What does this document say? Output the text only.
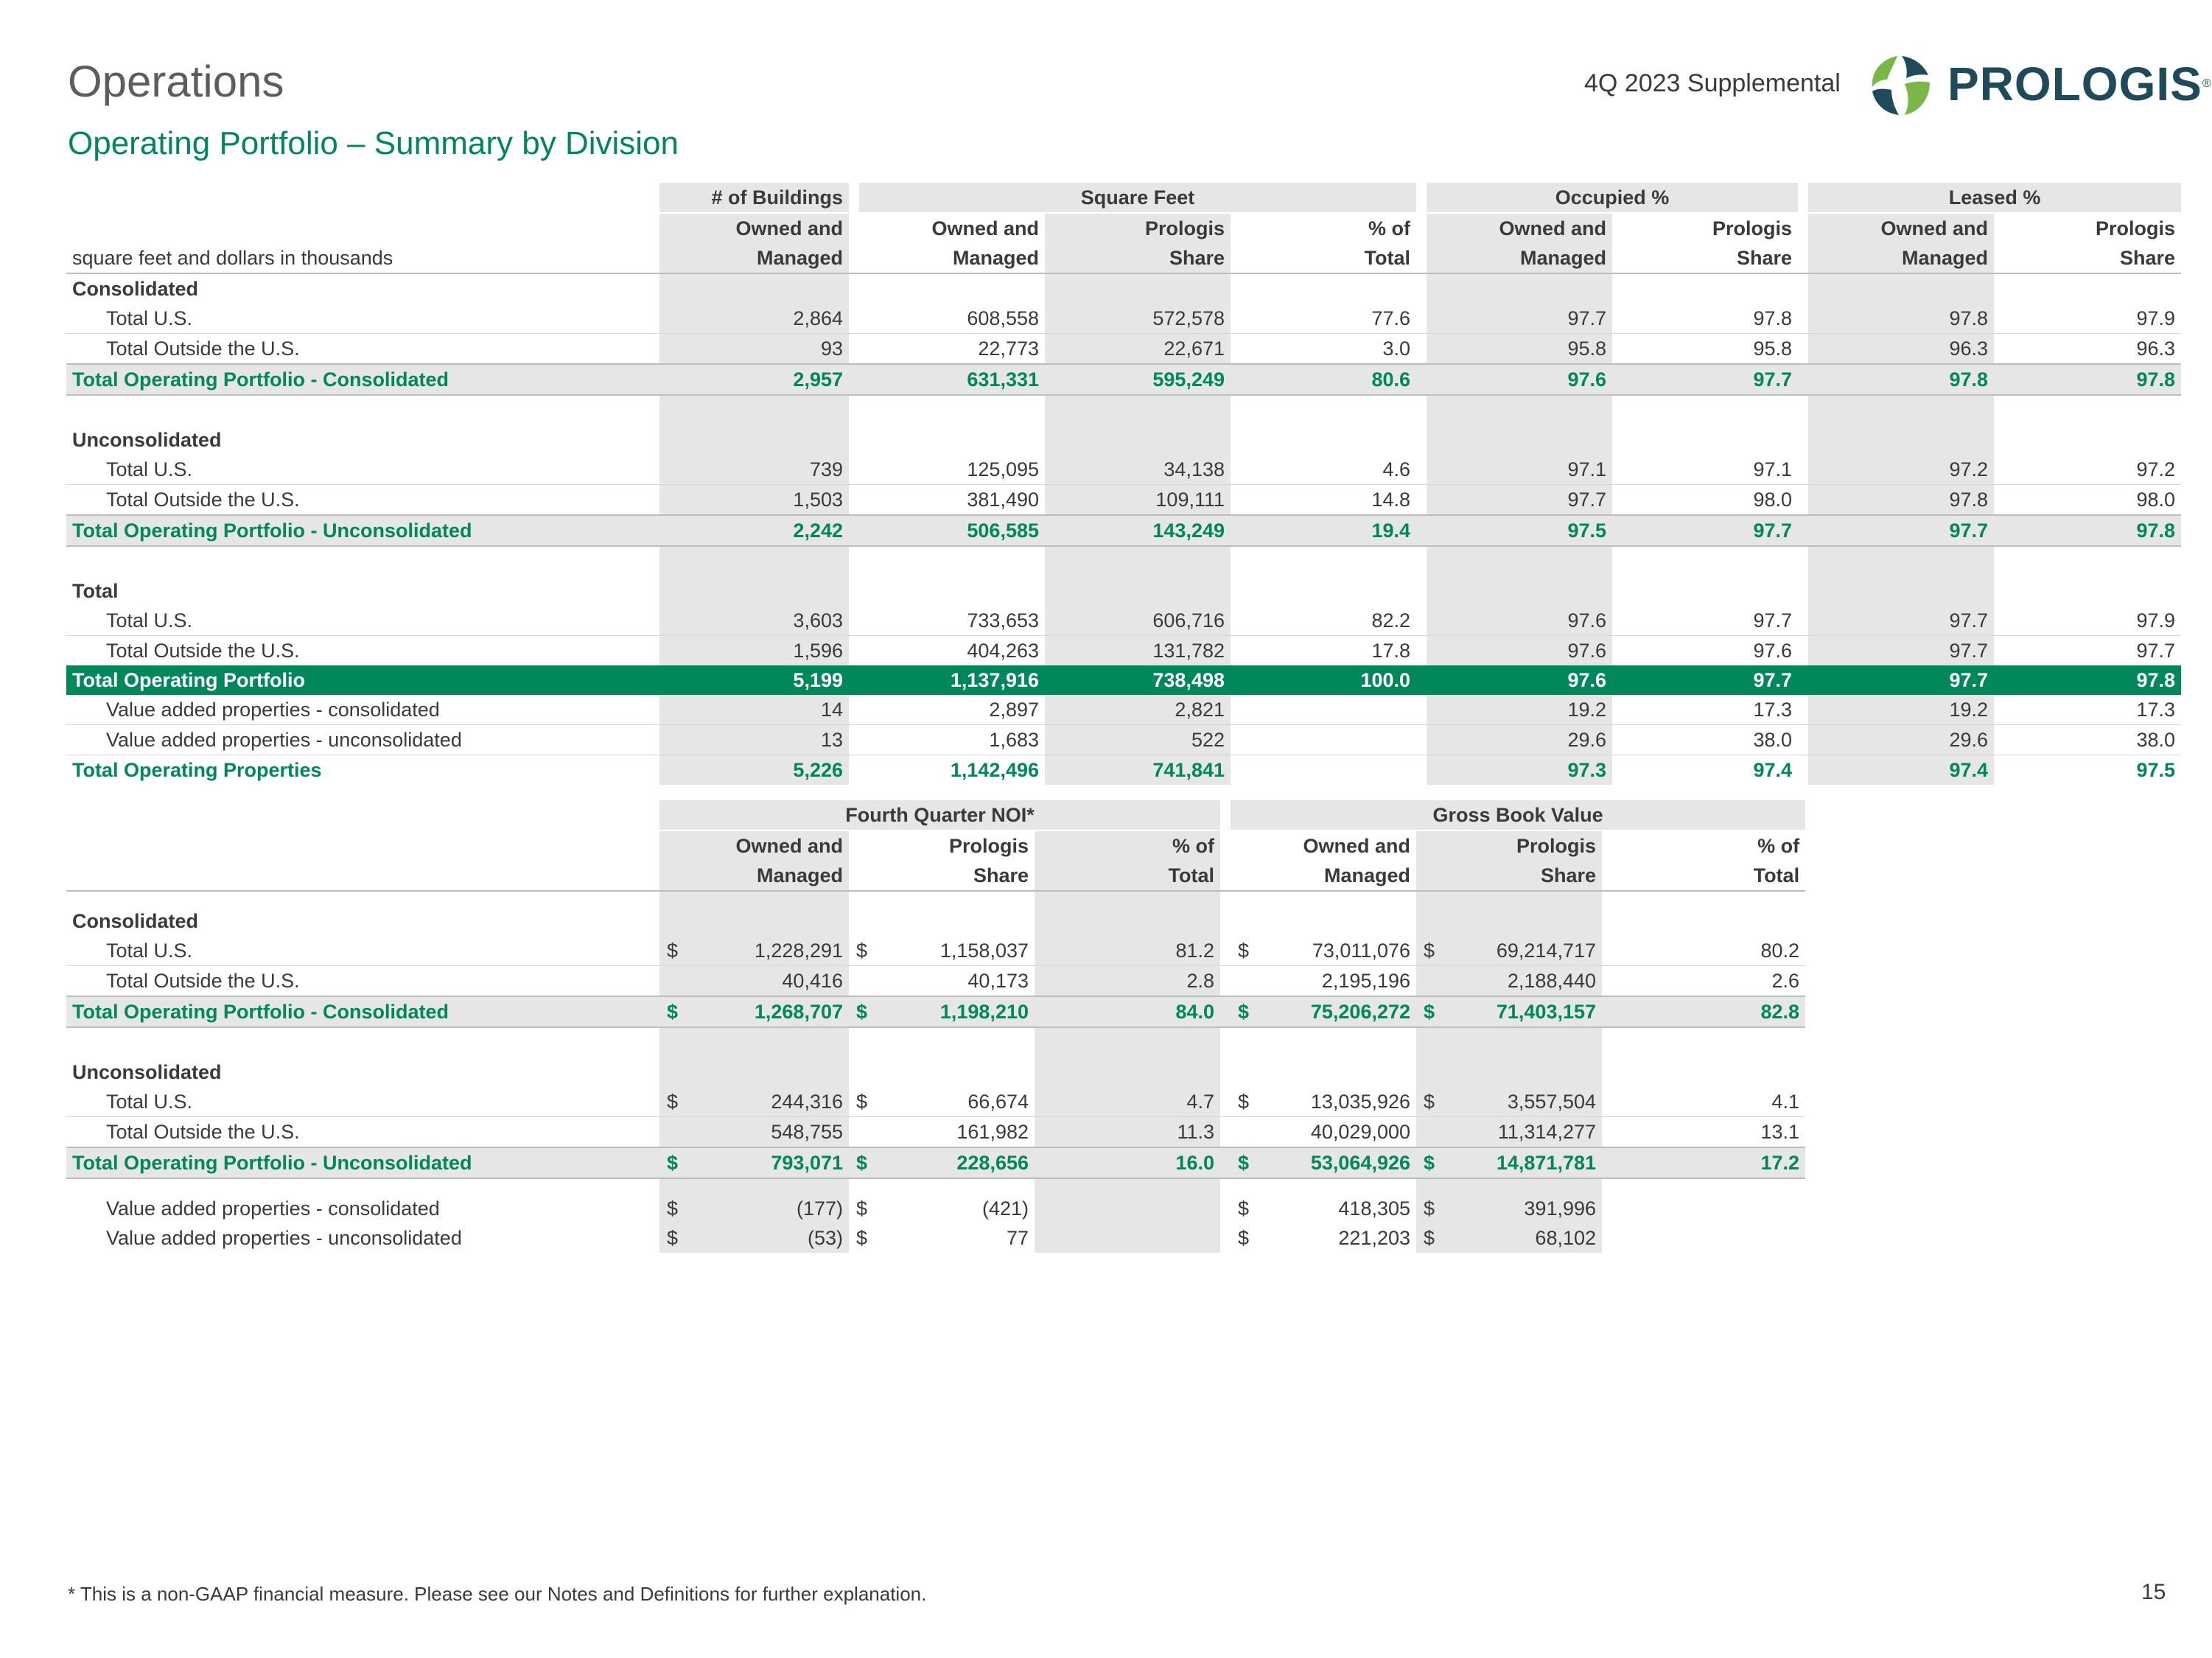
Operations
Operating Portfolio – Summary by Division
4Q 2023 Supplemental PROLOGIS®
	# of Buildings		Square Feet				Occupied %			Leased %	
	Owned and		Owned and	Prologis	% of		Owned and	Prologis		Owned and	Prologis
square feet and dollars in thousands	Managed		Managed	Share	Total		Managed	Share		Managed	Share
Consolidated											
Total U.S.	2,864		608,558	572,578	77.6		97.7	97.8		97.8	97.9
Total Outside the U.S.	93		22,773	22,671	3.0		95.8	95.8		96.3	96.3
Total Operating Portfolio - Consolidated	2,957		631,331	595,249	80.6		97.6	97.7		97.8	97.8

Unconsolidated											
Total U.S.	739		125,095	34,138	4.6		97.1	97.1		97.2	97.2
Total Outside the U.S.	1,503		381,490	109,111	14.8		97.7	98.0		97.8	98.0
Total Operating Portfolio - Unconsolidated	2,242		506,585	143,249	19.4		97.5	97.7		97.7	97.8

Total											
Total U.S.	3,603		733,653	606,716	82.2		97.6	97.7		97.7	97.9
Total Outside the U.S.	1,596		404,263	131,782	17.8		97.6	97.6		97.7	97.7
Total Operating Portfolio	5,199		1,137,916	738,498	100.0		97.6	97.7		97.7	97.8
Value added properties - consolidated	14		2,897	2,821			19.2	17.3		19.2	17.3
Value added properties - unconsolidated	13		1,683	522			29.6	38.0		29.6	38.0
Total Operating Properties	5,226		1,142,496	741,841			97.3	97.4		97.4	97.5
	Fourth Quarter NOI*						Gross Book Value				
	Owned and		Prologis		% of		Owned and		Prologis		% of
	Managed		Share		Total		Managed		Share		Total

Consolidated											
Total U.S.	$	1,228,291	$	1,158,037	81.2		$	73,011,076	$	69,214,717	80.2
Total Outside the U.S.		40,416		40,173	2.8			2,195,196		2,188,440	2.6
Total Operating Portfolio - Consolidated	$	1,268,707	$	1,198,210	84.0		$	75,206,272	$	71,403,157	82.8

Unconsolidated											
Total U.S.	$	244,316	$	66,674	4.7		$	13,035,926	$	3,557,504	4.1
Total Outside the U.S.		548,755		161,982	11.3			40,029,000		11,314,277	13.1
Total Operating Portfolio - Unconsolidated	$	793,071	$	228,656	16.0		$	53,064,926	$	14,871,781	17.2

Value added properties - consolidated	$	(177)	$	(421)			$	418,305	$	391,996	
Value added properties - unconsolidated	$	(53)	$	77			$	221,203	$	68,102	
* This is a non-GAAP financial measure. Please see our Notes and Definitions for further explanation.	15
